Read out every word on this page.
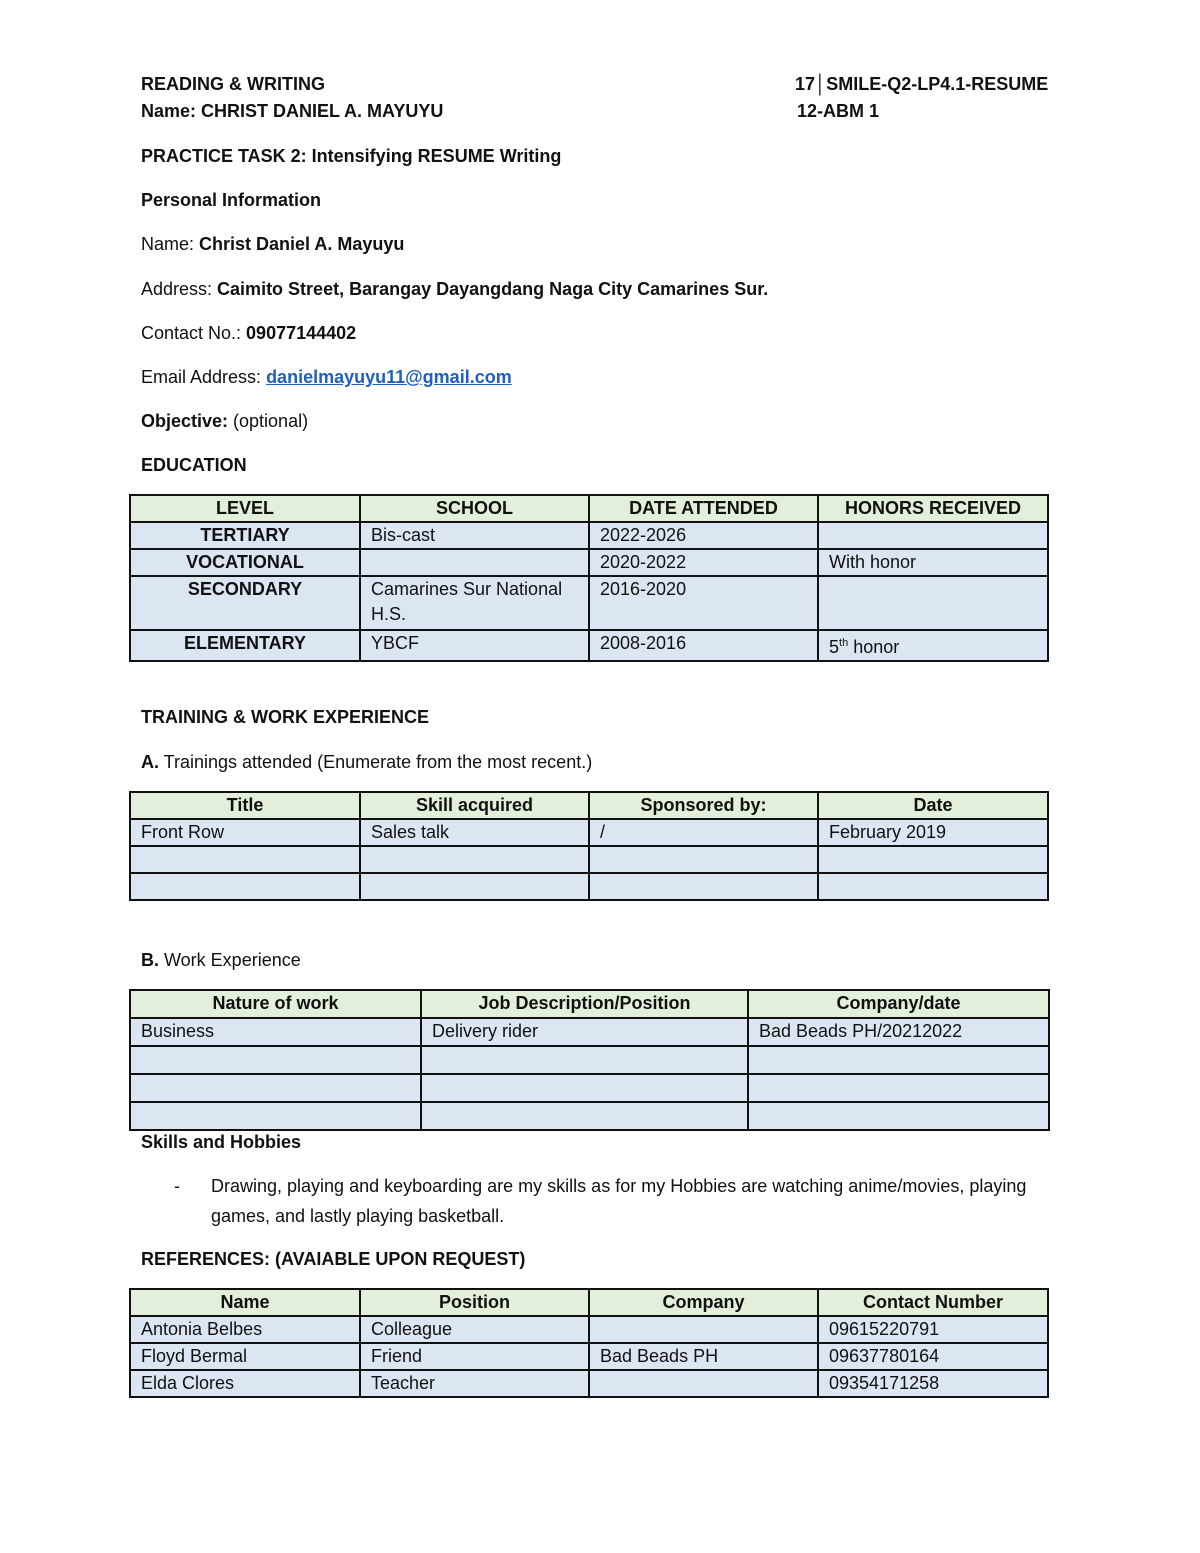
READING & WRITING	17│SMILE-Q2-LP4.1-RESUME
Name: CHRIST DANIEL A. MAYUYU	12-ABM 1
PRACTICE TASK 2: Intensifying RESUME Writing
Personal Information
Name: Christ Daniel A. Mayuyu
Address: Caimito Street, Barangay Dayangdang Naga City Camarines Sur.
Contact No.: 09077144402
Email Address: danielmayuyu11@gmail.com
Objective: (optional)
EDUCATION
LEVEL	SCHOOL	DATE ATTENDED	HONORS RECEIVED
TERTIARY	Bis-cast	2022-2026	
VOCATIONAL		2020-2022	With honor
SECONDARY	Camarines Sur National H.S.	2016-2020	
ELEMENTARY	YBCF	2008-2016	5th honor
TRAINING & WORK EXPERIENCE
A. Trainings attended (Enumerate from the most recent.)
Title	Skill acquired	Sponsored by:	Date
Front Row	Sales talk	/	February 2019

B. Work Experience
Nature of work	Job Description/Position	Company/date
Business	Delivery rider	Bad Beads PH/20212022

Skills and Hobbies
- Drawing, playing and keyboarding are my skills as for my Hobbies are watching anime/movies, playing games, and lastly playing basketball.
REFERENCES: (AVAIABLE UPON REQUEST)
Name	Position	Company	Contact Number
Antonia Belbes	Colleague		09615220791
Floyd Bermal	Friend	Bad Beads PH	09637780164
Elda Clores	Teacher		09354171258
